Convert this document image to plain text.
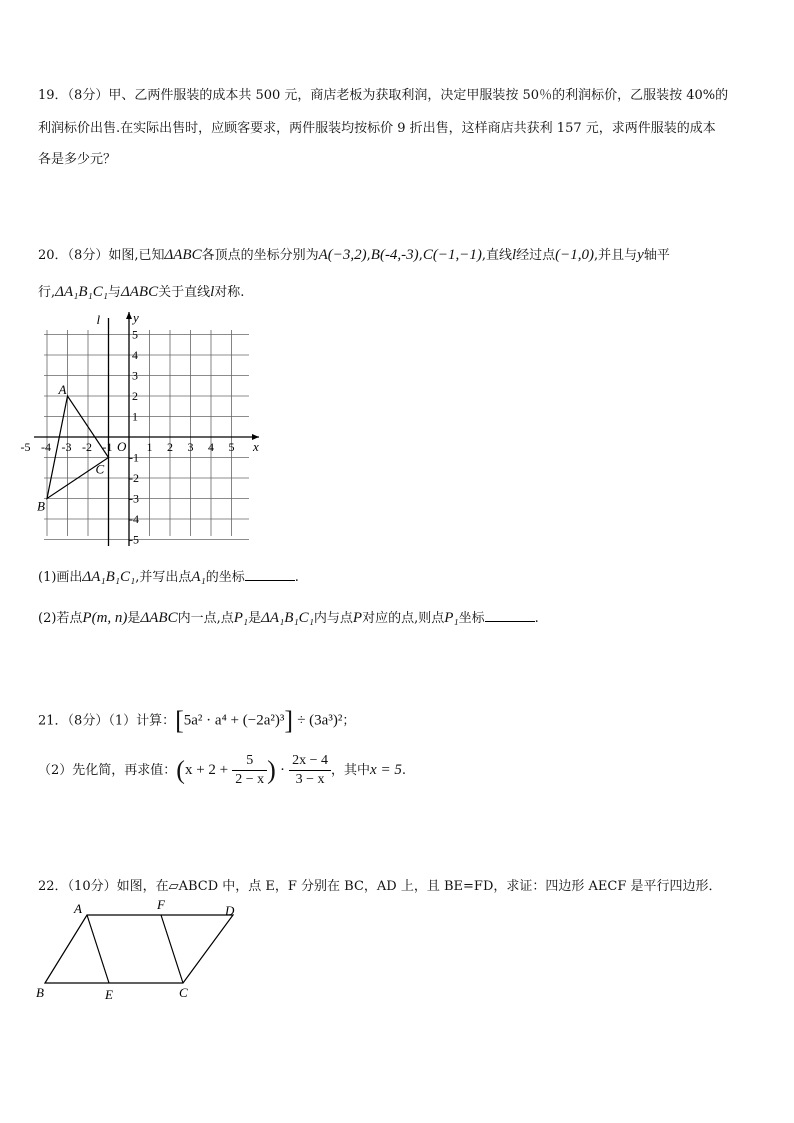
19．（8分）甲、乙两件服装的成本共 500 元，商店老板为获取利润，决定甲服装按 50％的利润标价，乙服装按 40%的
利润标价出售.在实际出售时，应顾客要求，两件服装均按标价 9 折出售，这样商店共获利 157 元，求两件服装的成本
各是多少元？
20．（8分）如图,已知ΔABC各顶点的坐标分别为A(−3,2),B(-4,-3),C(−1,−1),直线l经过点(−1,0),并且与y轴平
行,ΔA₁B₁C₁与ΔABC关于直线l对称.
-5 -4 -3 -2 -1	1 2 3 4 5
5
4
3
2
1
-1
-2
-3
-4
-5
x
y
l
O
A
B
C
(1)画出ΔA₁B₁C₁,并写出点A₁的坐标	.
(2)若点P(m, n)是ΔABC内一点,点P₁是ΔA₁B₁C₁内与点P对应的点,则点P₁坐标	.
21．（8分）（1）计算：[5a² · a⁴ + (−2a²)³] ÷ (3a³)²；
（2）先化简，再求值：($x + 2 + \frac{5}{2 - x}$ ) · $\frac{2x - 4}{3 - x}$ ，其中x = 5.
22．（10分）如图，在▱ABCD 中，点 E，F 分别在 BC，AD 上，且 BE=FD，求证：四边形 AECF 是平行四边形．
A	F	D
B	E	C
